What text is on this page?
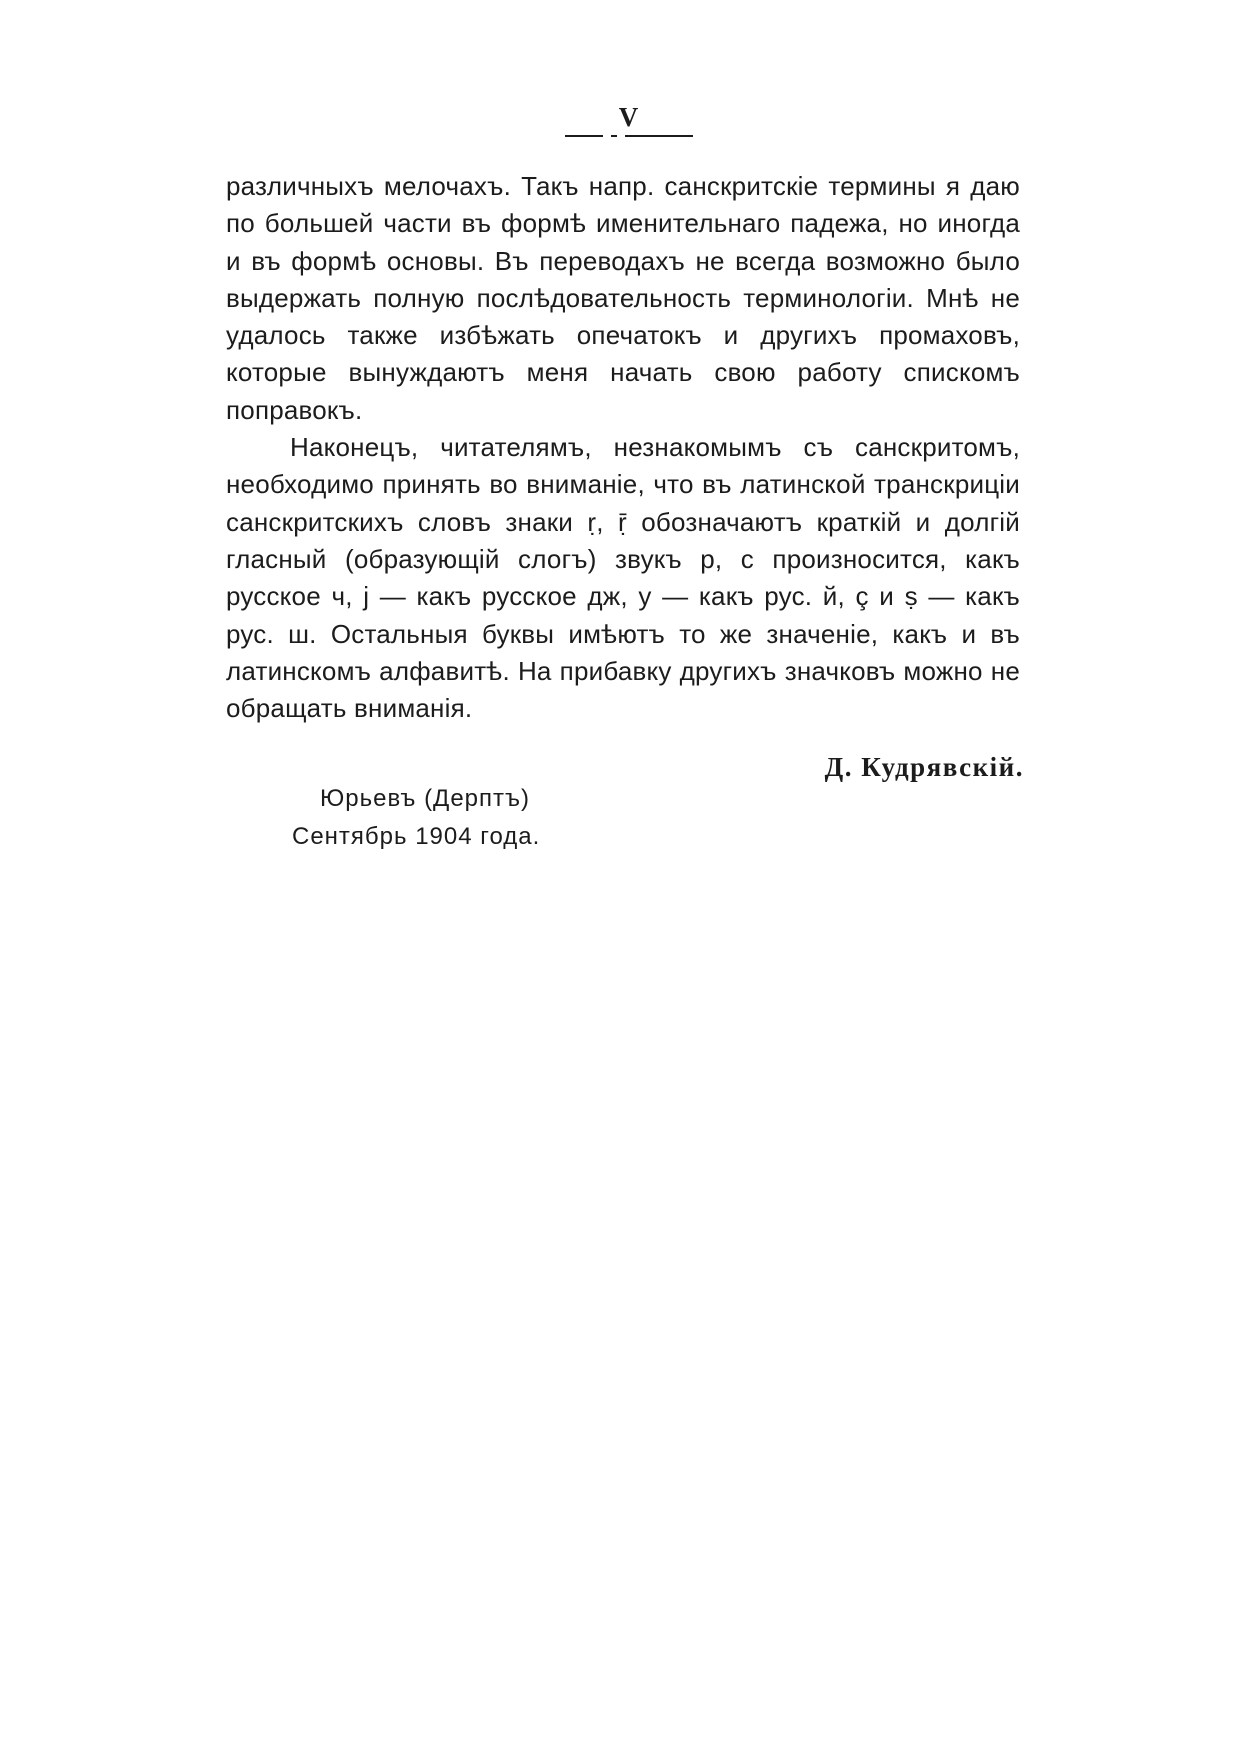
V

различныхъ мелочахъ. Такъ напр. санскритскіе термины я даю по большей части въ формѣ именительнаго падежа, но иногда и въ формѣ основы. Въ переводахъ не всегда возможно было выдержать полную послѣдовательность терминологіи. Мнѣ не удалось также избѣжать опечатокъ и другихъ промаховъ, которые вынуждаютъ меня начать свою работу спискомъ поправокъ.

Наконецъ, читателямъ, незнакомымъ съ санскритомъ, необходимо принять во вниманіе, что въ латинской транскриціи санскритскихъ словъ знаки ṛ, ṝ обозначаютъ краткій и долгій гласный (образующій слогъ) звукъ р, с произносится, какъ русское ч, j — какъ русское дж, y — какъ рус. й, ç и ṣ — какъ рус. ш. Остальныя буквы имѣютъ то же значеніе, какъ и въ латинскомъ алфавитѣ. На прибавку другихъ значковъ можно не обращать вниманія.

Д. Кудрявскій.
Юрьевъ (Дерптъ)
Сентябрь 1904 года.
